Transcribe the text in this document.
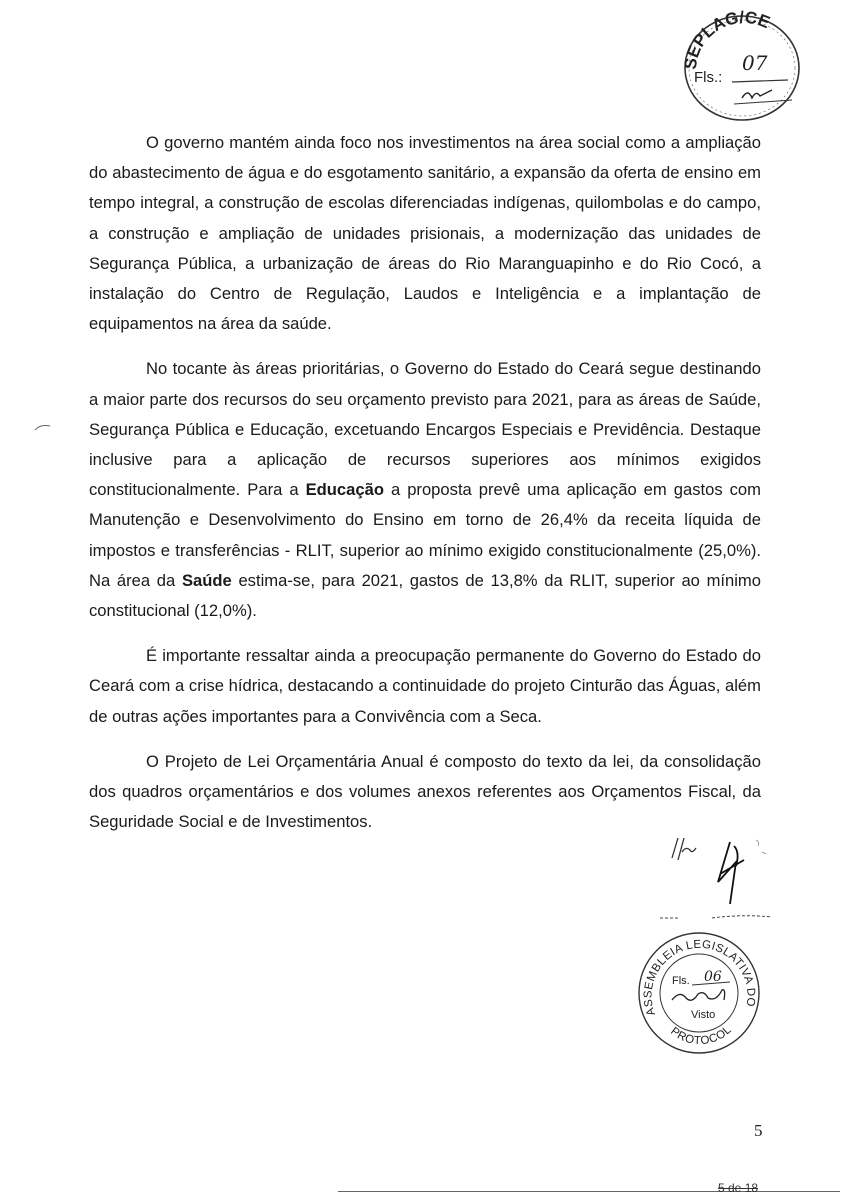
SEPLAG/CE
Fls.:
07

O governo mantém ainda foco nos investimentos na área social como a ampliação do abastecimento de água e do esgotamento sanitário, a expansão da oferta de ensino em tempo integral, a construção de escolas diferenciadas indígenas, quilombolas e do campo, a construção e ampliação de unidades prisionais, a modernização das unidades de Segurança Pública, a urbanização de áreas do Rio Maranguapinho e do Rio Cocó, a instalação do Centro de Regulação, Laudos e Inteligência e a implantação de equipamentos na área da saúde.

No tocante às áreas prioritárias, o Governo do Estado do Ceará segue destinando a maior parte dos recursos do seu orçamento previsto para 2021, para as áreas de Saúde, Segurança Pública e Educação, excetuando Encargos Especiais e Previdência. Destaque inclusive para a aplicação de recursos superiores aos mínimos exigidos constitucionalmente. Para a Educação a proposta prevê uma aplicação em gastos com Manutenção e Desenvolvimento do Ensino em torno de 26,4% da receita líquida de impostos e transferências - RLIT, superior ao mínimo exigido constitucionalmente (25,0%). Na área da Saúde estima-se, para 2021, gastos de 13,8% da RLIT, superior ao mínimo constitucional (12,0%).

É importante ressaltar ainda a preocupação permanente do Governo do Estado do Ceará com a crise hídrica, destacando a continuidade do projeto Cinturão das Águas, além de outras ações importantes para a Convivência com a Seca.

O Projeto de Lei Orçamentária Anual é composto do texto da lei, da consolidação dos quadros orçamentários e dos volumes anexos referentes aos Orçamentos Fiscal, da Seguridade Social e de Investimentos.

ASSEMBLEIA LEGISLATIVA DO
PROTOCOL
Fls. 06
Visto
5
5 de 18
